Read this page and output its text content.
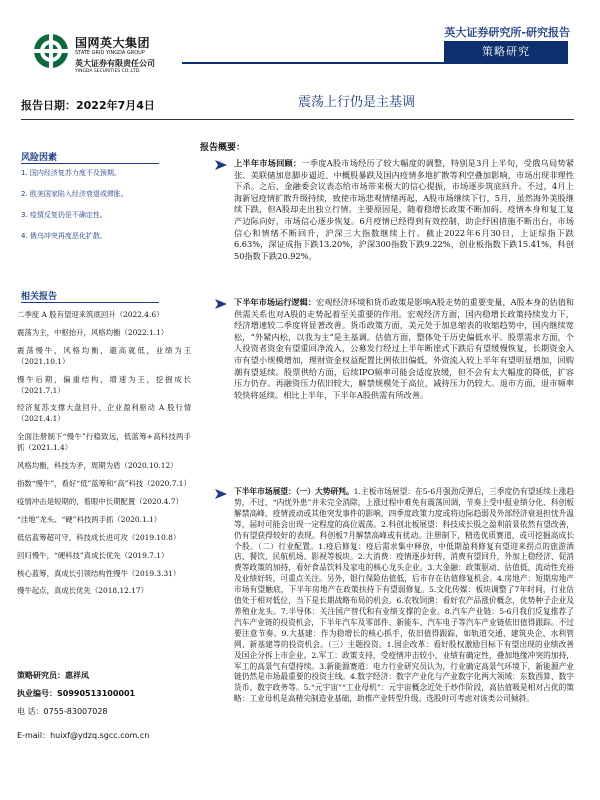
国网英大集团
STATE GRID YINGDA GROUP
英大证券有限责任公司
YINGDA SECURITIES CO.,LTD.
英大证券研究所-研究报告
策略研究
报告日期：2022年7月4日	震荡上行仍是主基调
风险因素
1. 国内经济复苏力度不及预期。
2. 欧美国家陷入经济衰退或滞胀。
3. 疫情反复仍是不确定性。
4. 俄乌冲突再度恶化扩散。
相关报告
二季度 A 股有望迎来筑底回升（2022.4.6）
震荡为主，中枢抬升，风格均衡（2022.1.1）
震荡慢牛，风格均衡，避高就低，业绩为王（2021.10.1）
慢牛后期，偏重结构，增速为王，挖掘成长（2021.7.1）
经济复苏支撑大盘回升，企业盈利驱动 A 股行情（2021.4.1）
全面注册制下“慢牛”行稳致远，低蓝筹+高科技两手抓（2021.1.4）
风格均衡，科技为矛，周期为盾（2020.10.12）
指数“慢牛”，看好“低”蓝筹和“高”科技（2020.7.1）
疫情冲击是短期的，着眼中长期配置（2020.4.7）
“洼地”龙头、“硬”科技两手抓（2020.1.1）
低估蓝筹超可守，科技成长进可攻（2019.10.8）
回归慢牛，“硬科技”真成长优先（2019.7.1）
核心蓝筹，真成长引领结构性慢牛（2019.3.31）
慢牛起点，真成长优先（2018.12.17）
策略研究员：惠祥凤
执业编号：S0990513100001
电 话：0755-83007028
E-mail：huixf@ydzq.sgcc.com.cn
报告概要：
上半年市场回顾：一季度A股市场经历了较大幅度的调整，特别是3月上半旬，受俄乌局势紧张、美联储加息脚步逼近、中概股暴跌及国内疫情多地扩散等利空叠加影响，市场出现非理性下杀。之后，金融委会议表态给市场带来极大的信心提振，市场逐步筑底回升。不过，4月上海新冠疫情扩散升级持续，致使市场悲观情绪再起，A股市场继续下行，5月，虽然海外美股继续下跌，但A股却走出独立行情。主要原因是，随着稳增长政策不断加码、疫情本身和复工复产边际向好，市场信心逐步恢复。6月疫情已经得到有效控制，助企纾困措施不断出台，市场信心和情绪不断回升，沪深三大指数继续上行。截止2022年6月30日，上证综指下跌6.63%，深证成指下跌13.20%，沪深300指数下跌9.22%，创业板指数下跌15.41%，科创50指数下跌20.92%。
下半年市场运行逻辑：宏观经济环境和货币政策是影响A股走势的重要变量，A股本身的估值和供需关系也对A股的走势起着至关重要的作用。宏观经济方面，国内稳增长政策持续发力下，经济增速较二季度将显著改善。货币政策方面，美元处于加息缩表的收缩趋势中，国内继续宽松，“外紧内松，以我为主”是主基调。估值方面，整体处于历史偏低水平。股票需求方面，个人投资者资金有望重回净流入，公募发行经过上半年断崖式下跌后有望缓慢恢复，长期资金入市有望小规模增加，理财资金权益配置比例依旧偏低，外资流入较上半年有望明显增加，回购潮有望延续。股票供给方面，后续IPO频率可能会适度放缓，但不会有太大幅度的降低，扩容压力仍存。再融资压力依旧较大，解禁规模处于高位，减持压力仍较大。退市方面，退市频率较快将延续。相比上半年，下半年A股供需有所改善。
下半年市场展望：（一）大势研判。1.主板市场展望：在5-6月强劲反弹后，三季度仍有望延续上涨趋势，不过，“内忧外患”并未完全消除，上涨过程中难免有震荡回调，节奏上受中报业绩分化、科创板解禁高峰、疫情波动或其他突发事件的影响，四季度政策力度或将边际趋弱及外部经济衰退担忧升温等，届时可能会出现一定程度的高位震荡。2.科创北板展望：科技成长股之盈利前景依然有望改善，仍有望获得较好的表现。科创板7月解禁高峰或有扰动。注册制下，精选优质赛道，或可挖掘高成长个股。（二）行业配置。1.疫后修复：疫后需求集中释放，中低期盈利修复有望迎来拐点的旅游酒店、餐饮、民航机场、影视等板块。2.大消费：疫情逐步好转，消费有望回升，外加上稳经济、促消费等政策的加持，看好食品饮料及家电的核心龙头企业。3.大金融：政策驱动、估值低，流动性充裕及业绩好转，可重点关注。另外，银行保险估值低，后市存在估值修复机会。4.房地产：短期房地产市场有望触底，下半年房地产在政策扶持下有望弱修复。5.文化传媒：板块调整了7年时间，行业估值处于相对低位，当下是长期战略布局的机会。6.农牧饲渔：看好农产品涨价概念，优势种子企业及养殖业龙头。7.半导体：关注国产替代和有业绩支撑的企业。8.汽车产业链：5-6月我们反复推荐了汽车产业链的投资机会，下半年汽车及零部件、新能车、汽车电子等汽车产业链依旧值得跟踪。不过要注意节奏。9.大基建：作为稳增长的核心抓手，依旧值得跟踪，如轨道交通、建筑央企、水利管网、新基建等的投资机会。（三）主题投资。1.国企改革：看好股权激励目标下有望出现的业绩改善及国企分拆上市企业。2.军工：政策支持，受疫情冲击较小，业绩有确定性，叠加地缘冲突的加持，军工的高景气有望持续。3.新能源赛道：电力行业研究员认为，行业确定高景气环境下，新能源产业链仍然是市场最重要的投资主线。4.数字经济：数字产业化与产业数字化两大领域：东数西算、数字货币、数字政务等。5.“元宇宙”“工业母机”：元宇宙概念近处于炒作阶段，高估值吸是相对占优的策略：工业母机是高精尖制造业基础，助推产业转型升级。选股时可考虑对该类公司倾斜。
